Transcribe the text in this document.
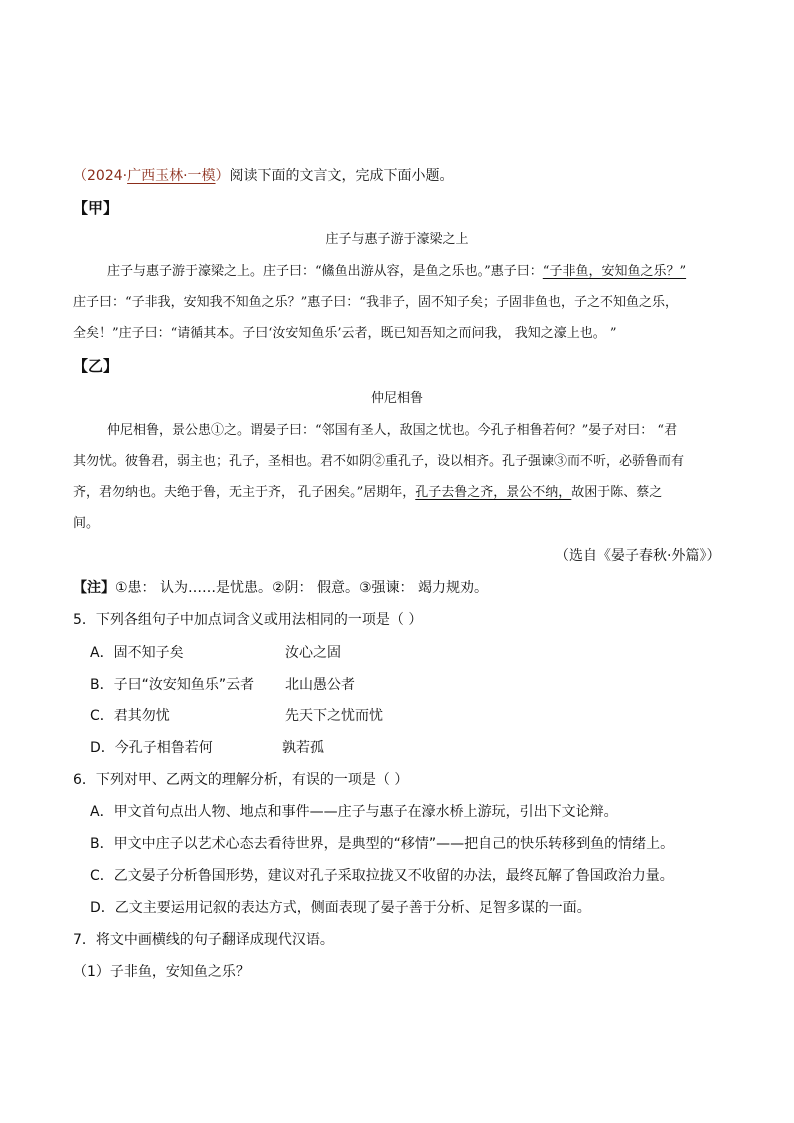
（2024·广西玉林·一模）阅读下面的文言文，完成下面小题。
【甲】
庄子与惠子游于濠梁之上
庄子与惠子游于濠梁之上。庄子曰：“鯈鱼出游从容，是鱼之乐也。”惠子曰：“子非鱼，安知鱼之乐？”
庄子曰：“子非我，安知我不知鱼之乐？”惠子曰：“我非子，固不知子矣；子固非鱼也，子之不知鱼之乐，
全矣！”庄子曰：“请循其本。子曰‘汝安知鱼乐’云者，既已知吾知之而问我， 我知之濠上也。 ”
【乙】
仲尼相鲁
仲尼相鲁，景公患①之。谓晏子曰：“邻国有圣人，敌国之忧也。今孔子相鲁若何？”晏子对曰： “君
其勿忧。彼鲁君，弱主也；孔子，圣相也。君不如阴②重孔子，设以相齐。孔子强谏③而不听，必骄鲁而有
齐，君勿纳也。夫绝于鲁，无主于齐， 孔子困矣。”居期年，孔子去鲁之齐，景公不纳，故困于陈、蔡之
间。
（选自《晏子春秋·外篇》）
【注】①患： 认为……是忧患。②阴： 假意。③强谏： 竭力规劝。
5．下列各组句子中加点词含义或用法相同的一项是（ ）
A．固不知子矣	汝心之固
B．子曰“汝安知鱼乐”云者 北山愚公者
C．君其勿忧	先天下之忧而忧
D．今孔子相鲁若何	孰若孤
6．下列对甲、乙两文的理解分析，有误的一项是（ ）
A．甲文首句点出人物、地点和事件——庄子与惠子在濠水桥上游玩，引出下文论辩。
B．甲文中庄子以艺术心态去看待世界，是典型的“移情”——把自己的快乐转移到鱼的情绪上。
C．乙文晏子分析鲁国形势，建议对孔子采取拉拢又不收留的办法，最终瓦解了鲁国政治力量。
D．乙文主要运用记叙的表达方式，侧面表现了晏子善于分析、足智多谋的一面。
7．将文中画横线的句子翻译成现代汉语。
（1）子非鱼，安知鱼之乐？
